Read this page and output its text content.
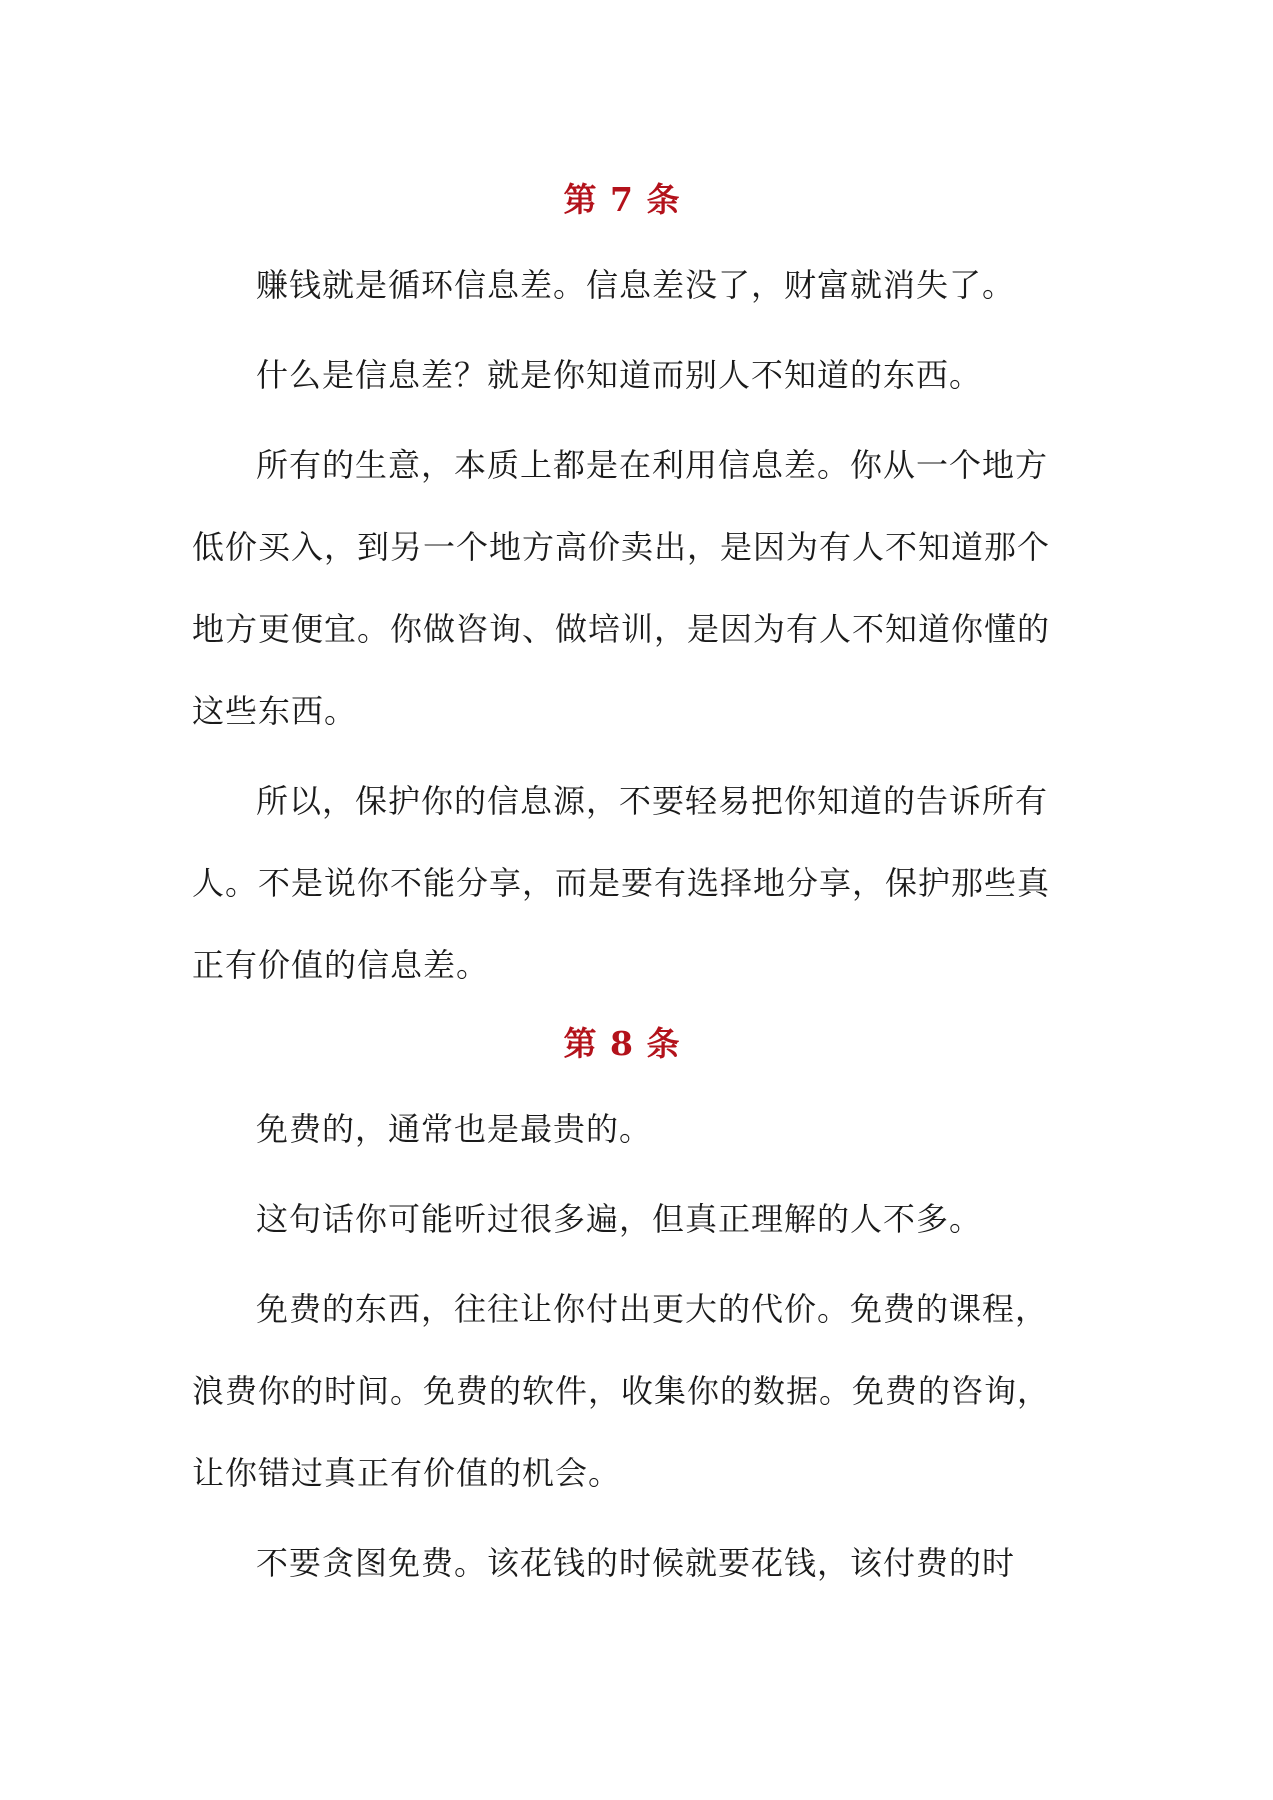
第 7 条

赚钱就是循环信息差。信息差没了，财富就消失了。

什么是信息差？就是你知道而别人不知道的东西。

所有的生意，本质上都是在利用信息差。你从一个地方低价买入，到另一个地方高价卖出，是因为有人不知道那个地方更便宜。你做咨询、做培训，是因为有人不知道你懂的这些东西。

所以，保护你的信息源，不要轻易把你知道的告诉所有人。不是说你不能分享，而是要有选择地分享，保护那些真正有价值的信息差。

第 8 条

免费的，通常也是最贵的。

这句话你可能听过很多遍，但真正理解的人不多。

免费的东西，往往让你付出更大的代价。免费的课程，浪费你的时间。免费的软件，收集你的数据。免费的咨询，让你错过真正有价值的机会。

不要贪图免费。该花钱的时候就要花钱，该付费的时
